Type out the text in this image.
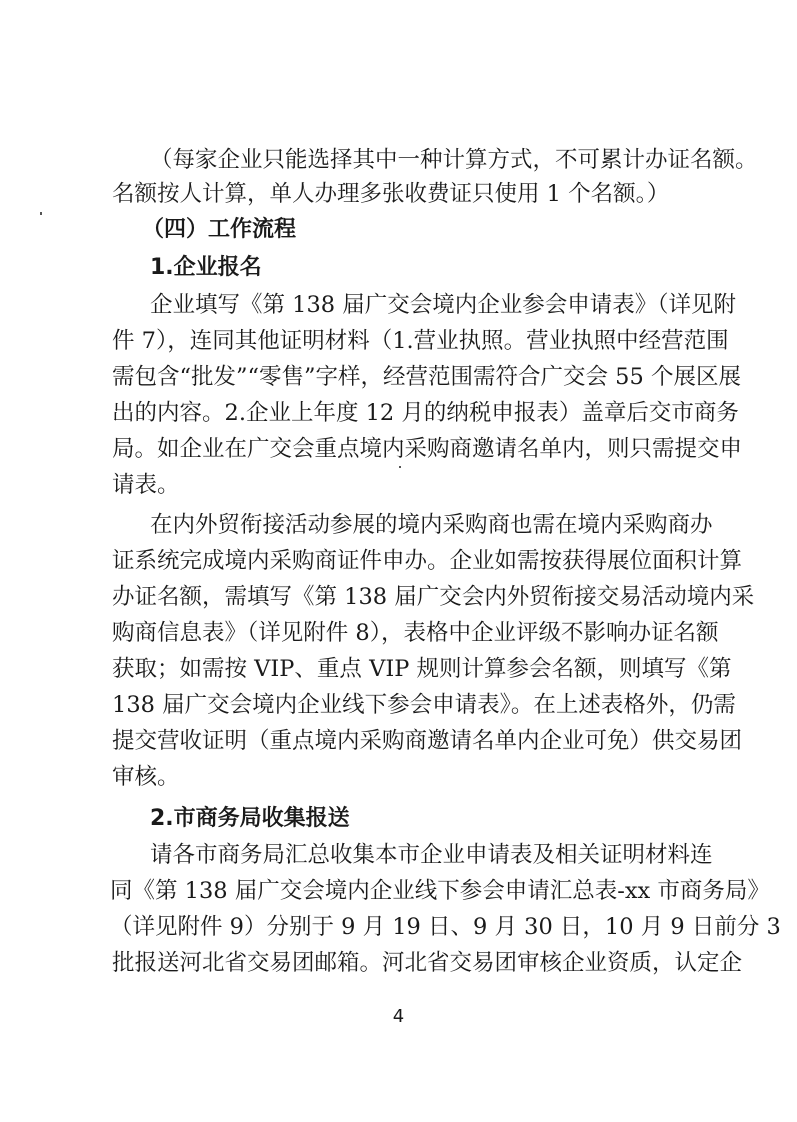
（每家企业只能选择其中一种计算方式，不可累计办证名额。
名额按人计算，单人办理多张收费证只使用 1 个名额。）
（四）工作流程
1.企业报名
企业填写《第 138 届广交会境内企业参会申请表》（详见附
件 7），连同其他证明材料（1.营业执照。营业执照中经营范围
需包含“批发”“零售”字样，经营范围需符合广交会 55 个展区展
出的内容。2.企业上年度 12 月的纳税申报表）盖章后交市商务
局。如企业在广交会重点境内采购商邀请名单内，则只需提交申
请表。
在内外贸衔接活动参展的境内采购商也需在境内采购商办
证系统完成境内采购商证件申办。企业如需按获得展位面积计算
办证名额，需填写《第 138 届广交会内外贸衔接交易活动境内采
购商信息表》（详见附件 8），表格中企业评级不影响办证名额
获取；如需按 VIP、重点 VIP 规则计算参会名额，则填写《第
138 届广交会境内企业线下参会申请表》。在上述表格外，仍需
提交营收证明（重点境内采购商邀请名单内企业可免）供交易团
审核。
2.市商务局收集报送
请各市商务局汇总收集本市企业申请表及相关证明材料连
同《第 138 届广交会境内企业线下参会申请汇总表-xx 市商务局》
（详见附件 9）分别于 9 月 19 日、9 月 30 日，10 月 9 日前分 3
批报送河北省交易团邮箱。河北省交易团审核企业资质，认定企
4
